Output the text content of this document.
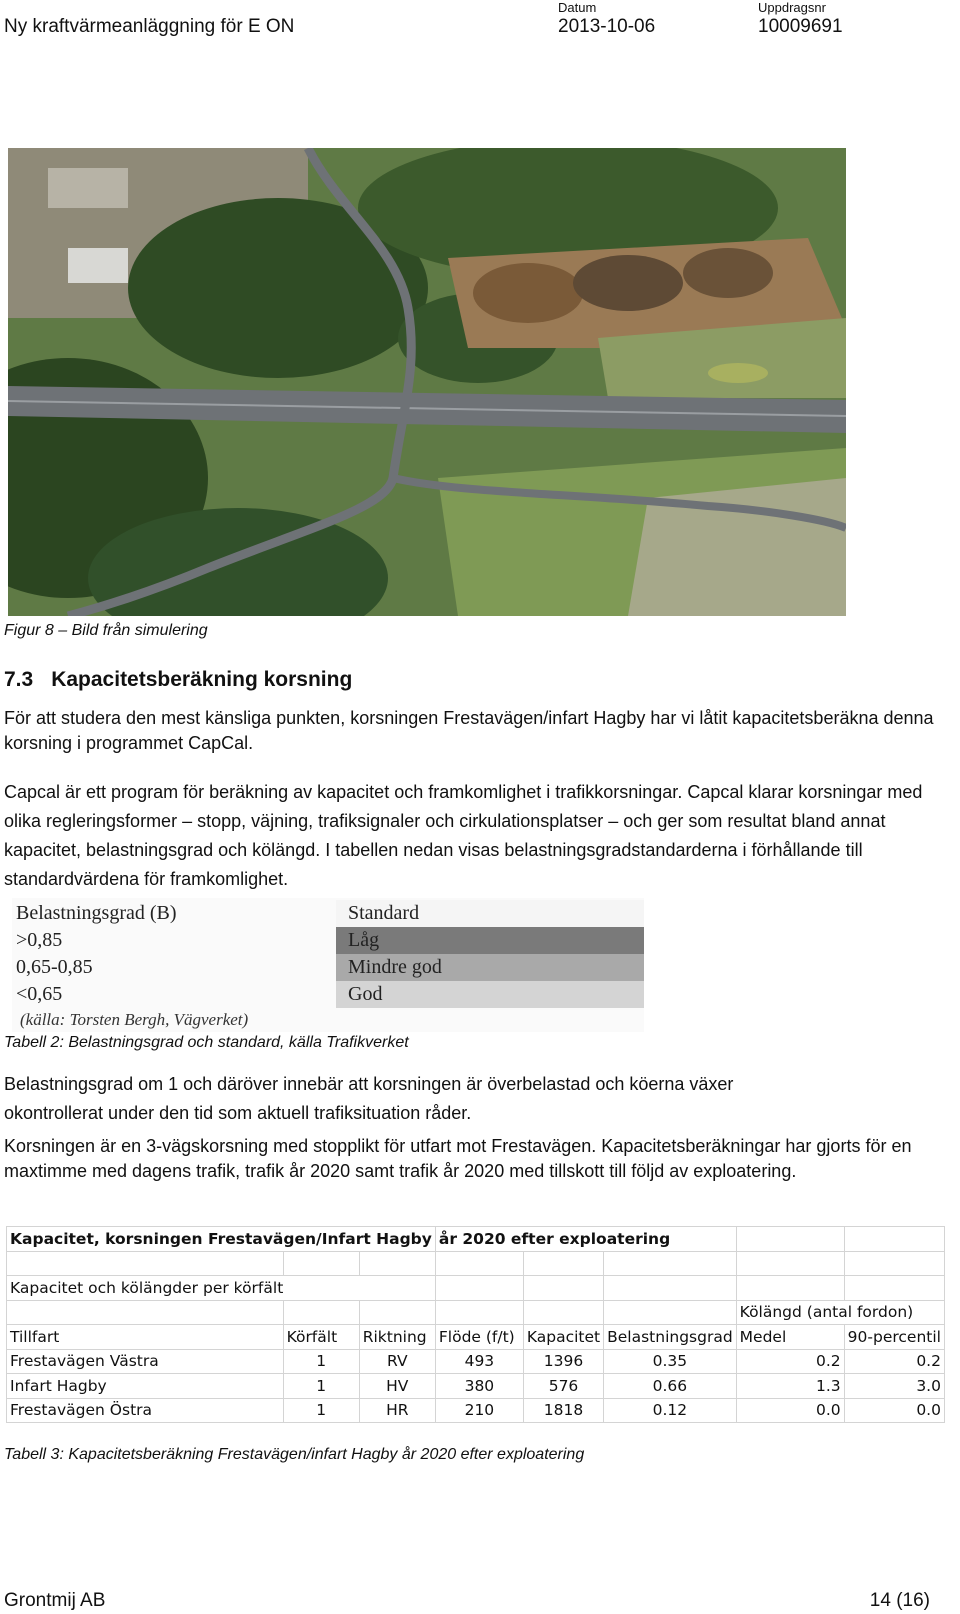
Ny kraftvärmeanläggning för E ON
Datum
2013-10-06
Uppdragsnr
10009691
Figur 8 – Bild från simulering
7.3 Kapacitetsberäkning korsning
För att studera den mest känsliga punkten, korsningen Frestavägen/infart Hagby har vi låtit kapacitetsberäkna denna korsning i programmet CapCal.
Capcal är ett program för beräkning av kapacitet och framkomlighet i trafikkorsningar. Capcal klarar korsningar med olika regleringsformer – stopp, väjning, trafiksignaler och cirkulationsplatser – och ger som resultat bland annat kapacitet, belastningsgrad och kölängd. I tabellen nedan visas belastningsgradstandarderna i förhållande till standardvärdena för framkomlighet.
Belastningsgrad (B)	Standard
>0,85	Låg
0,65-0,85	Mindre god
<0,65	God
(källa: Torsten Bergh, Vägverket)
Tabell 2: Belastningsgrad och standard, källa Trafikverket
Belastningsgrad om 1 och däröver innebär att korsningen är överbelastad och köerna växer okontrollerat under den tid som aktuell trafiksituation råder.
Korsningen är en 3-vägskorsning med stopplikt för utfart mot Frestavägen. Kapacitetsberäkningar har gjorts för en maxtimme med dagens trafik, trafik år 2020 samt trafik år 2020 med tillskott till följd av exploatering.
Kapacitet, korsningen Frestavägen/Infart Hagby			år 2020 efter exploatering				

Kapacitet och kölängder per körfält							
						Kölängd (antal fordon)	
Tillfart	Körfält	Riktning	Flöde (f/t)	Kapacitet	Belastningsgrad	Medel	90-percentil
Frestavägen Västra	1	RV	493	1396	0.35	0.2	0.2
Infart Hagby	1	HV	380	576	0.66	1.3	3.0
Frestavägen Östra	1	HR	210	1818	0.12	0.0	0.0
Tabell 3: Kapacitetsberäkning Frestavägen/infart Hagby år 2020 efter exploatering
Grontmij AB	14 (16)
